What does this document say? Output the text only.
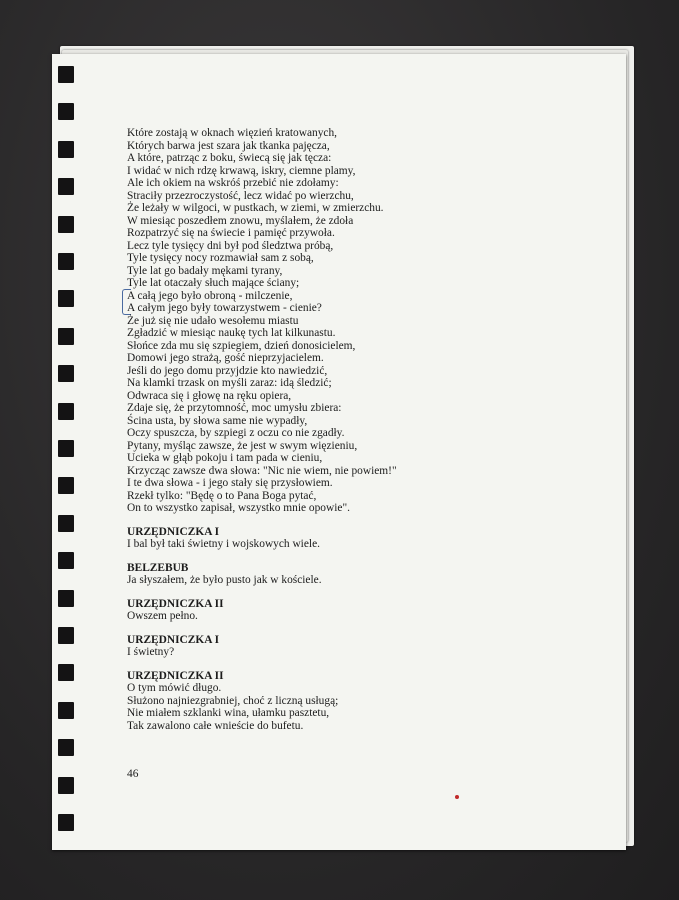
Które zostają w oknach więzień kratowanych,
Których barwa jest szara jak tkanka pajęcza,
A które, patrząc z boku, świecą się jak tęcza:
I widać w nich rdzę krwawą, iskry, ciemne plamy,
Ale ich okiem na wskróś przebić nie zdołamy:
Straciły przezroczystość, lecz widać po wierzchu,
Że leżały w wilgoci, w pustkach, w ziemi, w zmierzchu.
W miesiąc poszedłem znowu, myślałem, że zdoła
Rozpatrzyć się na świecie i pamięć przywoła.
Lecz tyle tysięcy dni był pod śledztwa próbą,
Tyle tysięcy nocy rozmawiał sam z sobą,
Tyle lat go badały mękami tyrany,
Tyle lat otaczały słuch mające ściany;
A całą jego było obroną - milczenie,
A całym jego były towarzystwem - cienie?
Że już się nie udało wesołemu miastu
Zgładzić w miesiąc naukę tych lat kilkunastu.
Słońce zda mu się szpiegiem, dzień donosicielem,
Domowi jego strażą, gość nieprzyjacielem.
Jeśli do jego domu przyjdzie kto nawiedzić,
Na klamki trzask on myśli zaraz: idą śledzić;
Odwraca się i głowę na ręku opiera,
Zdaje się, że przytomność, moc umysłu zbiera:
Ścina usta, by słowa same nie wypadły,
Oczy spuszcza, by szpiegi z oczu co nie zgadły.
Pytany, myśląc zawsze, że jest w swym więzieniu,
Ucieka w głąb pokoju i tam pada w cieniu,
Krzycząc zawsze dwa słowa: "Nic nie wiem, nie powiem!"
I te dwa słowa - i jego stały się przysłowiem.
Rzekł tylko: "Będę o to Pana Boga pytać,
On to wszystko zapisał, wszystko mnie opowie".
URZĘDNICZKA I
I bal był taki świetny i wojskowych wiele.
BELZEBUB
Ja słyszałem, że było pusto jak w kościele.
URZĘDNICZKA II
Owszem pełno.
URZĘDNICZKA I
I świetny?
URZĘDNICZKA II
O tym mówić długo.
Służono najniezgrabniej, choć z liczną usługą;
Nie miałem szklanki wina, ułamku pasztetu,
Tak zawalono całe wnieście do bufetu.
46
